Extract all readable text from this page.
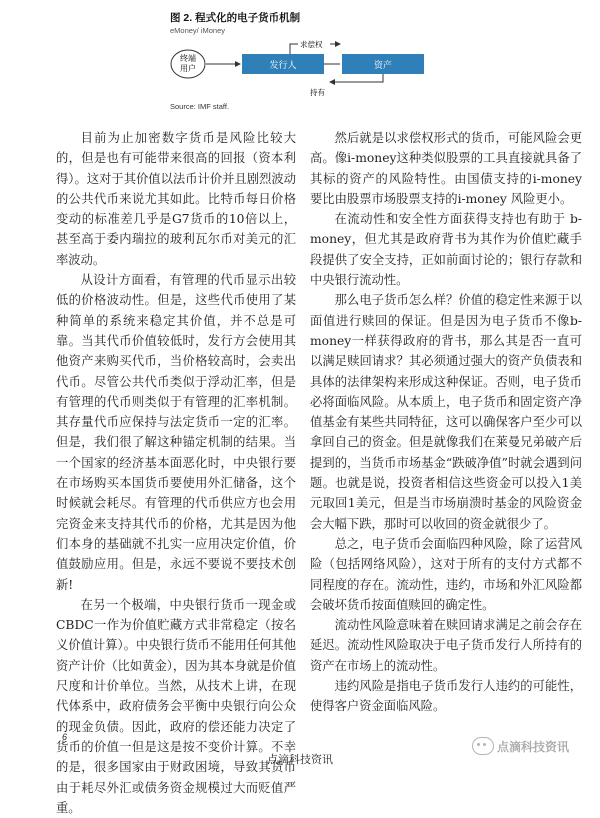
图 2. 程式化的电子货币机制
eMoney/ iMoney
终端
用户	发行人	资产
求偿权
持有
Source: IMF staff.

目前为止加密数字货币是风险比较大的，但是也有可能带来很高的回报（资本利得）。这对于其价值以法币计价并且剧烈波动的公共代币来说尤其如此。比特币每日价格变动的标准差几乎是G7货币的10倍以上，甚至高于委内瑞拉的玻利瓦尔币对美元的汇率波动。

从设计方面看，有管理的代币显示出较低的价格波动性。但是，这些代币使用了某种简单的系统来稳定其价值，并不总是可靠。当其代币价值较低时，发行方会使用其他资产来购买代币，当价格较高时，会卖出代币。尽管公共代币类似于浮动汇率，但是有管理的代币则类似于有管理的汇率机制。其存量代币应保持与法定货币一定的汇率。但是，我们很了解这种锚定机制的结果。当一个国家的经济基本面恶化时，中央银行要在市场购买本国货币要使用外汇储备，这个时候就会耗尽。有管理的代币供应方也会用完资金来支持其代币的价格，尤其是因为他们本身的基础就不扎实一应用决定价值，价值鼓励应用。但是，永远不要说不要技术创新!

在另一个极端，中央银行货币一现金或CBDC一作为价值贮藏方式非常稳定（按名义价值计算）。中央银行货币不能用任何其他资产计价（比如黄金），因为其本身就是价值尺度和计价单位。当然，从技术上讲，在现代体系中，政府债务会平衡中央银行向公众的现金负债。因此，政府的偿还能力决定了货币的价值一但是这是按不变价计算。不幸的是，很多国家由于财政困境，导致其货币由于耗尽外汇或债务资金规模过大而贬值严重。

然后就是以求偿权形式的货币，可能风险会更高。像i-money这种类似股票的工具直接就具备了其标的资产的风险特性。由国债支持的i-money 要比由股票市场股票支持的i-money 风险更小。

在流动性和安全性方面获得支持也有助于 b-money，但尤其是政府背书为其作为价值贮藏手段提供了安全支持，正如前面讨论的；银行存款和中央银行流动性。

那么电子货币怎么样？价值的稳定性来源于以面值进行赎回的保证。但是因为电子货币不像b-money一样获得政府的背书，那么其是否一直可以满足赎回请求？其必须通过强大的资产负债表和具体的法律架构来形成这种保证。否则，电子货币必将面临风险。从本质上，电子货币和固定资产净值基金有某些共同特征，这可以确保客户至少可以拿回自己的资金。但是就像我们在莱曼兄弟破产后提到的，当货币市场基金“跌破净值”时就会遇到问题。也就是说，投资者相信这些资金可以投入1美元取回1美元，但是当市场崩溃时基金的风险资金会大幅下跌，那时可以收回的资金就很少了。

总之，电子货币会面临四种风险，除了运营风险（包括网络风险），这对于所有的支付方式都不同程度的存在。流动性，违约，市场和外汇风险都会破坏货币按面值赎回的确定性。

流动性风险意味着在赎回请求满足之前会存在延迟。流动性风险取决于电子货币发行人所持有的资产在市场上的流动性。

违约风险是指电子货币发行人违约的可能性，使得客户资金面临风险。

6
点滴科技资讯
点滴科技资讯
